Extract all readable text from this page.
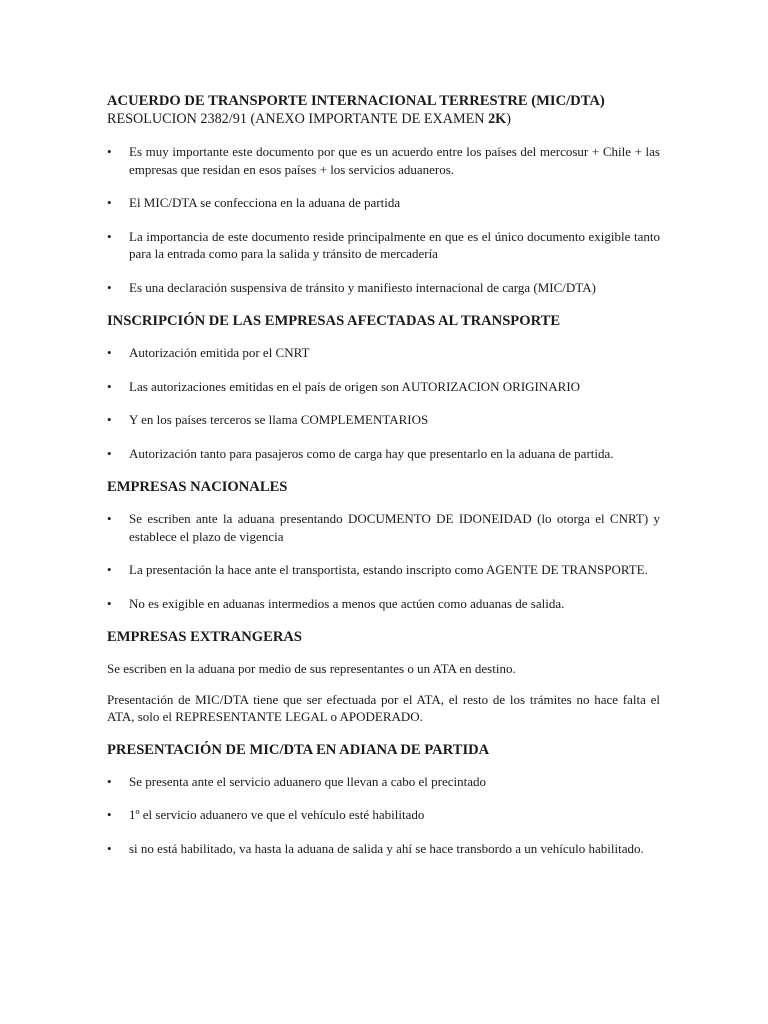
ACUERDO DE TRANSPORTE INTERNACIONAL TERRESTRE (MIC/DTA)

RESOLUCION 2382/91 (ANEXO IMPORTANTE DE EXAMEN 2K)

•	Es muy importante este documento por que es un acuerdo entre los países del mercosur + Chile + las empresas que residan en esos países + los servicios aduaneros.
•	El MIC/DTA se confecciona en la aduana de partida
•	La importancia de este documento reside principalmente en que es el único documento exigible tanto para la entrada como para la salida y tránsito de mercadería
•	Es una declaración suspensiva de tránsito y manifiesto internacional de carga (MIC/DTA)
INSCRIPCIÓN DE LAS EMPRESAS AFECTADAS AL TRANSPORTE
•	Autorización emitida por el CNRT
•	Las autorizaciones emitidas en el país de origen son AUTORIZACION ORIGINARIO
•	Y en los países terceros se llama COMPLEMENTARIOS
•	Autorización tanto para pasajeros como de carga hay que presentarlo en la aduana de partida.
EMPRESAS NACIONALES
•	Se escriben ante la aduana presentando DOCUMENTO DE IDONEIDAD (lo otorga el CNRT) y establece el plazo de vigencia
•	La presentación la hace ante el transportista, estando inscripto como AGENTE DE TRANSPORTE.
•	No es exigible en aduanas intermedios a menos que actúen como aduanas de salida.
EMPRESAS EXTRANGERAS

Se escriben en la aduana por medio de sus representantes o un ATA en destino.

Presentación de MIC/DTA tiene que ser efectuada por el ATA, el resto de los trámites no hace falta el ATA, solo el REPRESENTANTE LEGAL o APODERADO.

PRESENTACIÓN DE MIC/DTA EN ADIANA DE PARTIDA
•	Se presenta ante el servicio aduanero que llevan a cabo el precintado
•	1º el servicio aduanero ve que el vehículo esté habilitado
•	si no está habilitado, va hasta la aduana de salida y ahí se hace transbordo a un vehículo habilitado.
